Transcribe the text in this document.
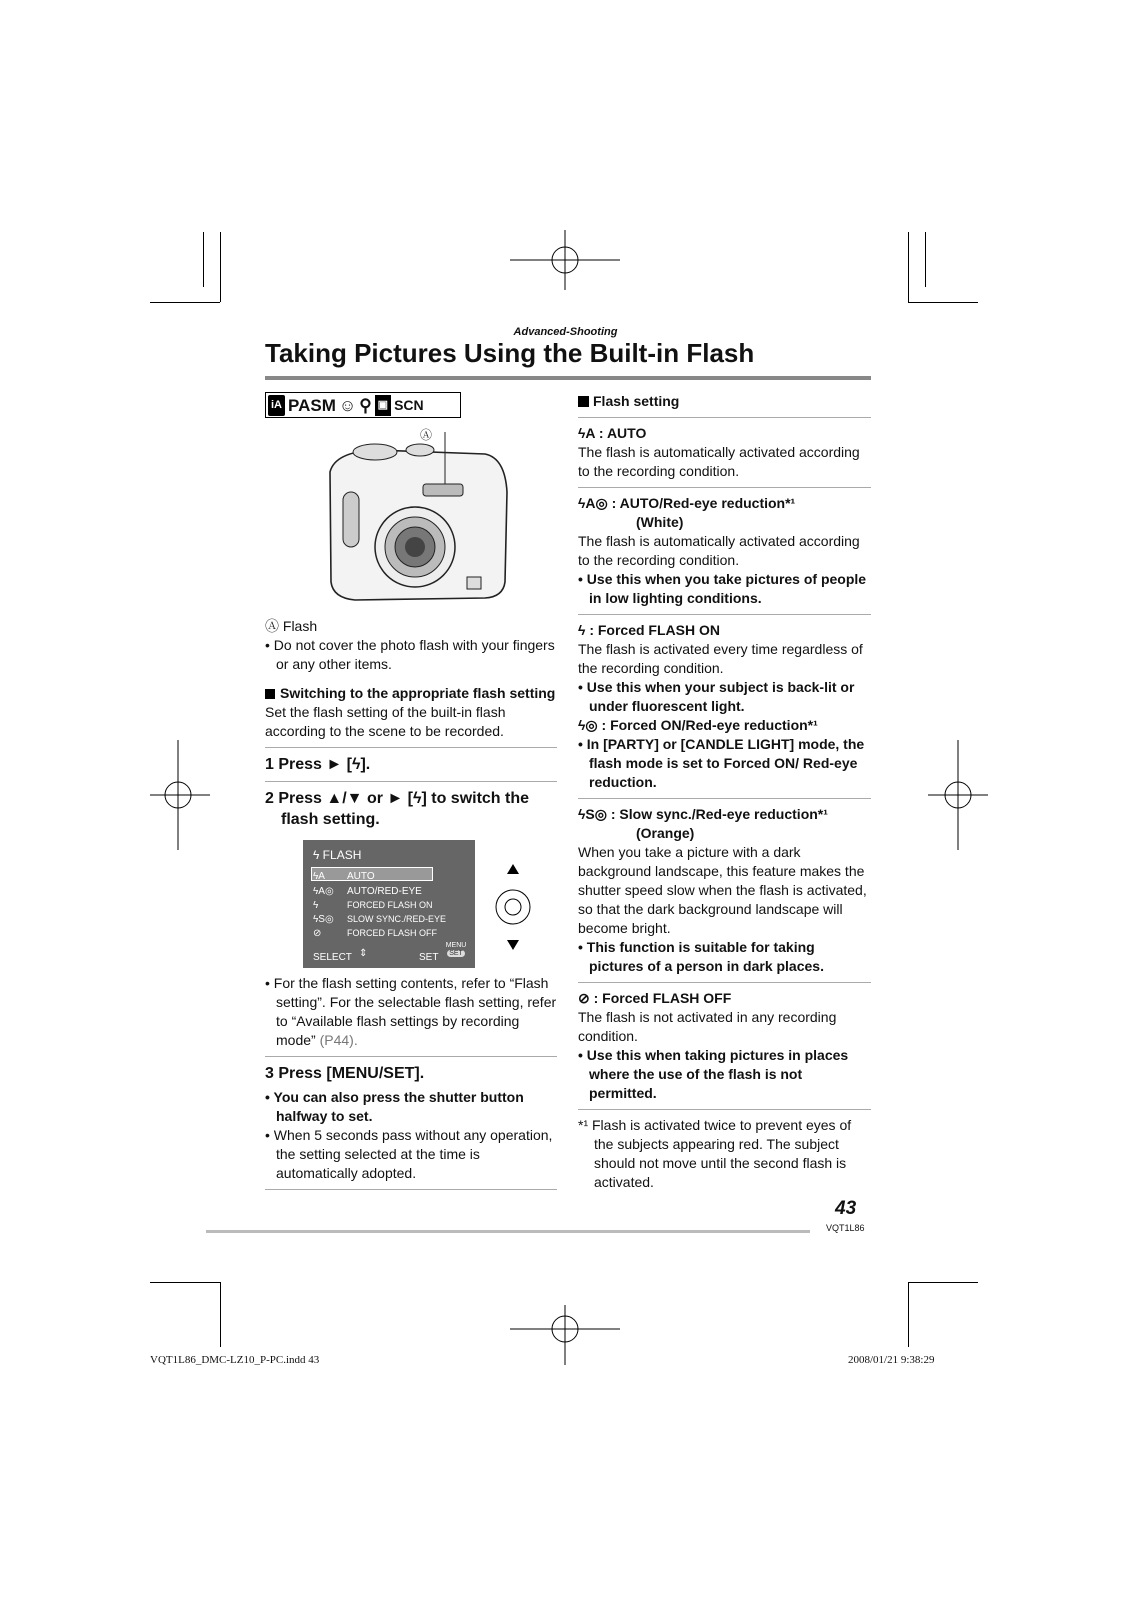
Advanced-Shooting
Taking Pictures Using the Built-in Flash
iA PASM ☺ ⚲ ▣ SCN
Ⓐ

Ⓐ Flash

• Do not cover the photo flash with your fingers or any other items.

Switching to the appropriate flash setting

Set the flash setting of the built-in flash according to the scene to be recorded.

1 Press ► [ϟ].

2 Press ▲/▼ or ► [ϟ] to switch the flash setting.

ϟ FLASH
ϟA AUTO
ϟA◎ AUTO/RED-EYE
ϟ	FORCED FLASH ON
ϟS◎ SLOW SYNC./RED-EYE
⊘	FORCED FLASH OFF
SELECT ⇕	SET
MENU
SET

• For the flash setting contents, refer to “Flash setting”. For the selectable flash setting, refer to “Available flash settings by recording mode” (P44).

3 Press [MENU/SET].

• You can also press the shutter button halfway to set.

• When 5 seconds pass without any operation, the setting selected at the time is automatically adopted.

Flash setting

ϟA : AUTO

The flash is automatically activated according to the recording condition.

ϟA◎ : AUTO/Red-eye reduction*¹

(White)

The flash is automatically activated according to the recording condition.

• Use this when you take pictures of people in low lighting conditions.

ϟ : Forced FLASH ON

The flash is activated every time regardless of the recording condition.

• Use this when your subject is back-lit or under fluorescent light.

ϟ◎ : Forced ON/Red-eye reduction*¹

• In [PARTY] or [CANDLE LIGHT] mode, the flash mode is set to Forced ON/ Red-eye reduction.

ϟS◎ : Slow sync./Red-eye reduction*¹

(Orange)

When you take a picture with a dark background landscape, this feature makes the shutter speed slow when the flash is activated, so that the dark background landscape will become bright.

• This function is suitable for taking pictures of a person in dark places.

⊘ : Forced FLASH OFF

The flash is not activated in any recording condition.

• Use this when taking pictures in places where the use of the flash is not permitted.

*¹ Flash is activated twice to prevent eyes of the subjects appearing red. The subject should not move until the second flash is activated.

43
VQT1L86
VQT1L86_DMC-LZ10_P-PC.indd 43	2008/01/21 9:38:29
